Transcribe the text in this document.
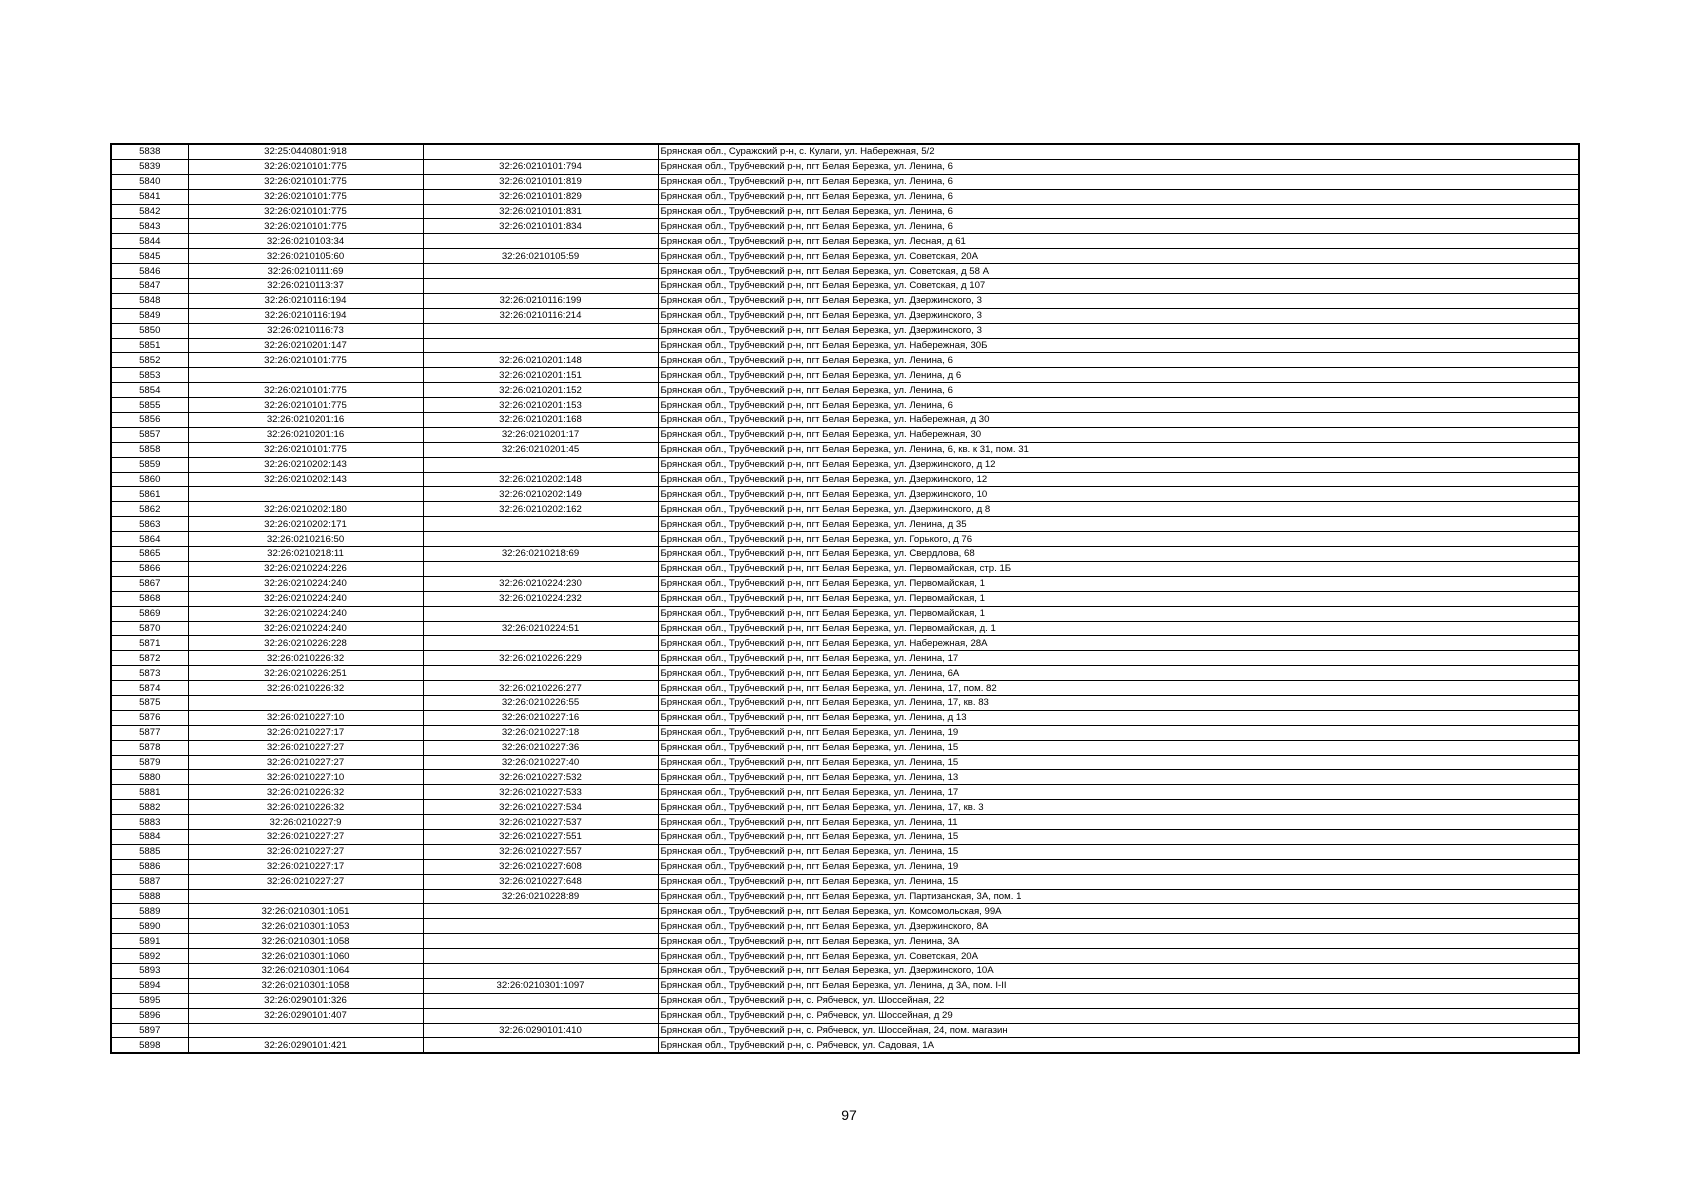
5838	32:25:0440801:918		Брянская обл., Суражский р-н, с. Кулаги, ул. Набережная, 5/2
5839	32:26:0210101:775	32:26:0210101:794	Брянская обл., Трубчевский р-н, пгт Белая Березка, ул. Ленина, 6
5840	32:26:0210101:775	32:26:0210101:819	Брянская обл., Трубчевский р-н, пгт Белая Березка, ул. Ленина, 6
5841	32:26:0210101:775	32:26:0210101:829	Брянская обл., Трубчевский р-н, пгт Белая Березка, ул. Ленина, 6
5842	32:26:0210101:775	32:26:0210101:831	Брянская обл., Трубчевский р-н, пгт Белая Березка, ул. Ленина, 6
5843	32:26:0210101:775	32:26:0210101:834	Брянская обл., Трубчевский р-н, пгт Белая Березка, ул. Ленина, 6
5844	32:26:0210103:34		Брянская обл., Трубчевский р-н, пгт Белая Березка, ул. Лесная, д 61
5845	32:26:0210105:60	32:26:0210105:59	Брянская обл., Трубчевский р-н, пгт Белая Березка, ул. Советская, 20А
5846	32:26:0210111:69		Брянская обл., Трубчевский р-н, пгт Белая Березка, ул. Советская, д 58 А
5847	32:26:0210113:37		Брянская обл., Трубчевский р-н, пгт Белая Березка, ул. Советская, д 107
5848	32:26:0210116:194	32:26:0210116:199	Брянская обл., Трубчевский р-н, пгт Белая Березка, ул. Дзержинского, 3
5849	32:26:0210116:194	32:26:0210116:214	Брянская обл., Трубчевский р-н, пгт Белая Березка, ул. Дзержинского, 3
5850	32:26:0210116:73		Брянская обл., Трубчевский р-н, пгт Белая Березка, ул. Дзержинского, 3
5851	32:26:0210201:147		Брянская обл., Трубчевский р-н, пгт Белая Березка, ул. Набережная, 30Б
5852	32:26:0210101:775	32:26:0210201:148	Брянская обл., Трубчевский р-н, пгт Белая Березка, ул. Ленина, 6
5853		32:26:0210201:151	Брянская обл., Трубчевский р-н, пгт Белая Березка, ул. Ленина, д 6
5854	32:26:0210101:775	32:26:0210201:152	Брянская обл., Трубчевский р-н, пгт Белая Березка, ул. Ленина, 6
5855	32:26:0210101:775	32:26:0210201:153	Брянская обл., Трубчевский р-н, пгт Белая Березка, ул. Ленина, 6
5856	32:26:0210201:16	32:26:0210201:168	Брянская обл., Трубчевский р-н, пгт Белая Березка, ул. Набережная, д 30
5857	32:26:0210201:16	32:26:0210201:17	Брянская обл., Трубчевский р-н, пгт Белая Березка, ул. Набережная, 30
5858	32:26:0210101:775	32:26:0210201:45	Брянская обл., Трубчевский р-н, пгт Белая Березка, ул. Ленина, 6, кв. к 31, пом. 31
5859	32:26:0210202:143		Брянская обл., Трубчевский р-н, пгт Белая Березка, ул. Дзержинского, д 12
5860	32:26:0210202:143	32:26:0210202:148	Брянская обл., Трубчевский р-н, пгт Белая Березка, ул. Дзержинского, 12
5861		32:26:0210202:149	Брянская обл., Трубчевский р-н, пгт Белая Березка, ул. Дзержинского, 10
5862	32:26:0210202:180	32:26:0210202:162	Брянская обл., Трубчевский р-н, пгт Белая Березка, ул. Дзержинского, д 8
5863	32:26:0210202:171		Брянская обл., Трубчевский р-н, пгт Белая Березка, ул. Ленина, д 35
5864	32:26:0210216:50		Брянская обл., Трубчевский р-н, пгт Белая Березка, ул. Горького, д 76
5865	32:26:0210218:11	32:26:0210218:69	Брянская обл., Трубчевский р-н, пгт Белая Березка, ул. Свердлова, 68
5866	32:26:0210224:226		Брянская обл., Трубчевский р-н, пгт Белая Березка, ул. Первомайская, стр. 1Б
5867	32:26:0210224:240	32:26:0210224:230	Брянская обл., Трубчевский р-н, пгт Белая Березка, ул. Первомайская, 1
5868	32:26:0210224:240	32:26:0210224:232	Брянская обл., Трубчевский р-н, пгт Белая Березка, ул. Первомайская, 1
5869	32:26:0210224:240		Брянская обл., Трубчевский р-н, пгт Белая Березка, ул. Первомайская, 1
5870	32:26:0210224:240	32:26:0210224:51	Брянская обл., Трубчевский р-н, пгт Белая Березка, ул. Первомайская, д. 1
5871	32:26:0210226:228		Брянская обл., Трубчевский р-н, пгт Белая Березка, ул. Набережная, 28А
5872	32:26:0210226:32	32:26:0210226:229	Брянская обл., Трубчевский р-н, пгт Белая Березка, ул. Ленина, 17
5873	32:26:0210226:251		Брянская обл., Трубчевский р-н, пгт Белая Березка, ул. Ленина, 6А
5874	32:26:0210226:32	32:26:0210226:277	Брянская обл., Трубчевский р-н, пгт Белая Березка, ул. Ленина, 17, пом. 82
5875		32:26:0210226:55	Брянская обл., Трубчевский р-н, пгт Белая Березка, ул. Ленина, 17, кв. 83
5876	32:26:0210227:10	32:26:0210227:16	Брянская обл., Трубчевский р-н, пгт Белая Березка, ул. Ленина, д 13
5877	32:26:0210227:17	32:26:0210227:18	Брянская обл., Трубчевский р-н, пгт Белая Березка, ул. Ленина, 19
5878	32:26:0210227:27	32:26:0210227:36	Брянская обл., Трубчевский р-н, пгт Белая Березка, ул. Ленина, 15
5879	32:26:0210227:27	32:26:0210227:40	Брянская обл., Трубчевский р-н, пгт Белая Березка, ул. Ленина, 15
5880	32:26:0210227:10	32:26:0210227:532	Брянская обл., Трубчевский р-н, пгт Белая Березка, ул. Ленина, 13
5881	32:26:0210226:32	32:26:0210227:533	Брянская обл., Трубчевский р-н, пгт Белая Березка, ул. Ленина, 17
5882	32:26:0210226:32	32:26:0210227:534	Брянская обл., Трубчевский р-н, пгт Белая Березка, ул. Ленина, 17, кв. 3
5883	32:26:0210227:9	32:26:0210227:537	Брянская обл., Трубчевский р-н, пгт Белая Березка, ул. Ленина, 11
5884	32:26:0210227:27	32:26:0210227:551	Брянская обл., Трубчевский р-н, пгт Белая Березка, ул. Ленина, 15
5885	32:26:0210227:27	32:26:0210227:557	Брянская обл., Трубчевский р-н, пгт Белая Березка, ул. Ленина, 15
5886	32:26:0210227:17	32:26:0210227:608	Брянская обл., Трубчевский р-н, пгт Белая Березка, ул. Ленина, 19
5887	32:26:0210227:27	32:26:0210227:648	Брянская обл., Трубчевский р-н, пгт Белая Березка, ул. Ленина, 15
5888		32:26:0210228:89	Брянская обл., Трубчевский р-н, пгт Белая Березка, ул. Партизанская, 3А, пом. 1
5889	32:26:0210301:1051		Брянская обл., Трубчевский р-н, пгт Белая Березка, ул. Комсомольская, 99А
5890	32:26:0210301:1053		Брянская обл., Трубчевский р-н, пгт Белая Березка, ул. Дзержинского, 8А
5891	32:26:0210301:1058		Брянская обл., Трубчевский р-н, пгт Белая Березка, ул. Ленина, 3А
5892	32:26:0210301:1060		Брянская обл., Трубчевский р-н, пгт Белая Березка, ул. Советская, 20А
5893	32:26:0210301:1064		Брянская обл., Трубчевский р-н, пгт Белая Березка, ул. Дзержинского, 10А
5894	32:26:0210301:1058	32:26:0210301:1097	Брянская обл., Трубчевский р-н, пгт Белая Березка, ул. Ленина, д 3А, пом. I-II
5895	32:26:0290101:326		Брянская обл., Трубчевский р-н, с. Рябчевск, ул. Шоссейная, 22
5896	32:26:0290101:407		Брянская обл., Трубчевский р-н, с. Рябчевск, ул. Шоссейная, д 29
5897		32:26:0290101:410	Брянская обл., Трубчевский р-н, с. Рябчевск, ул. Шоссейная, 24, пом. магазин
5898	32:26:0290101:421		Брянская обл., Трубчевский р-н, с. Рябчевск, ул. Садовая, 1А
97
